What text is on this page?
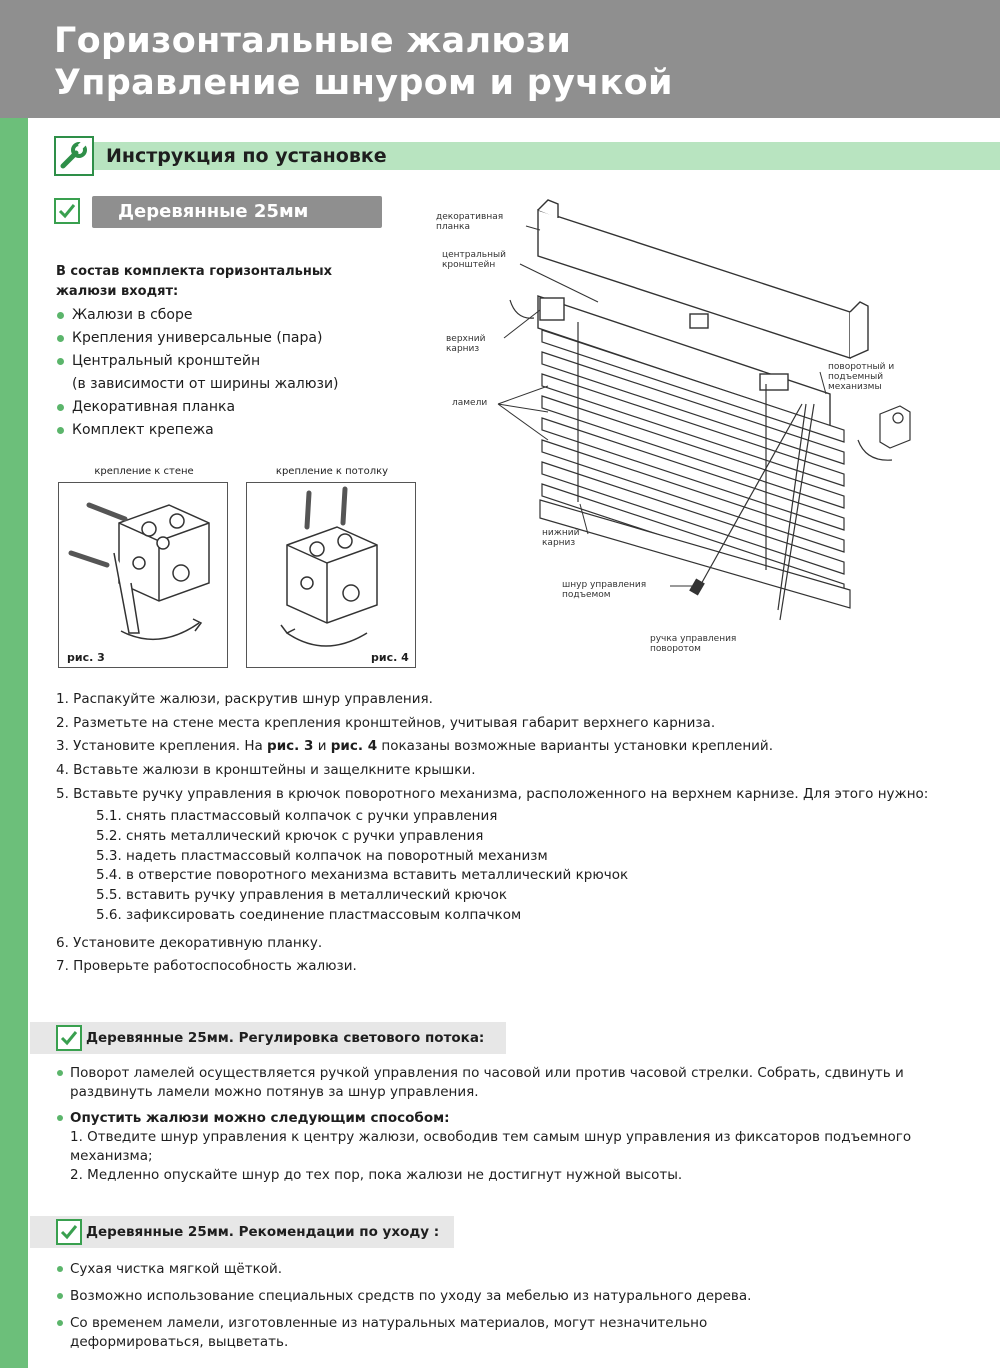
Горизонтальные жалюзи
Управление шнуром и ручкой
Инструкция по установке
Деревянные 25мм
В состав комплекта горизонтальных жалюзи входят:
Жалюзи в сборе
Крепления универсальные (пара)
Центральный кронштейн
(в зависимости от ширины жалюзи)
Декоративная планка
Комплект крепежа
крепление к стене
рис. 3
крепление к потолку
рис. 4
декоративная планка
центральный кронштейн
верхний карниз
ламели
поворотный и подъемный механизмы
нижний карниз
шнур управления подъемом
ручка управления поворотом
1. Распакуйте жалюзи, раскрутив шнур управления.
2. Разметьте на стене места крепления кронштейнов, учитывая габарит верхнего карниза.
3. Установите крепления. На рис. 3 и рис. 4 показаны возможные варианты установки креплений.
4. Вставьте жалюзи в кронштейны и защелкните крышки.
5. Вставьте ручку управления в крючок поворотного механизма, расположенного на верхнем карнизе. Для этого нужно:
5.1. снять пластмассовый колпачок с ручки управления
5.2. снять металлический крючок с ручки управления
5.3. надеть пластмассовый колпачок на поворотный механизм
5.4. в отверстие поворотного механизма вставить металлический крючок
5.5. вставить ручку управления в металлический крючок
5.6. зафиксировать соединение пластмассовым колпачком
6. Установите декоративную планку.
7. Проверьте работоспособность жалюзи.
Деревянные 25мм. Регулировка светового потока:
Поворот ламелей осуществляется ручкой управления по часовой или против часовой стрелки. Собрать, сдвинуть и раздвинуть ламели можно потянув за шнур управления.
Опустить жалюзи можно следующим способом:
1. Отведите шнур управления к центру жалюзи, освободив тем самым шнур управления из фиксаторов подъемного механизма;
2. Медленно опускайте шнур до тех пор, пока жалюзи не достигнут нужной высоты.
Деревянные 25мм. Рекомендации по уходу :
Сухая чистка мягкой щёткой.
Возможно использование специальных средств по уходу за мебелью из натурального дерева.
Со временем ламели, изготовленные из натуральных материалов, могут незначительно деформироваться, выцветать.
